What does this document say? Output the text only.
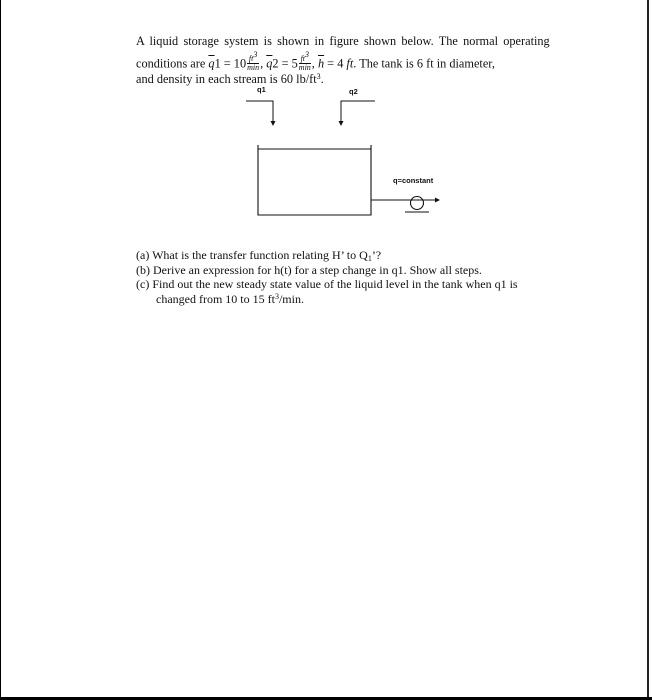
A liquid storage system is shown in figure shown below. The normal operating
conditions are $\overline{q}1 = 10 \frac{ft3}{\min}$ , $\overline{q}2 = 5 \frac{ft3}{\min}$ , $\overline{h} = 4$ ft. The tank is 6 ft in diameter,
and density in each stream is 60 $lb/ft^3$.
q1	q2
q=constant
(a) What is the transfer function relating H’ to $Q_1$’?
(b) Derive an expression for h(t) for a step change in q1. Show all steps.
(c) Find out the new steady state value of the liquid level in the tank when q1 is
changed from 10 to 15 $ft^3/\min$.
